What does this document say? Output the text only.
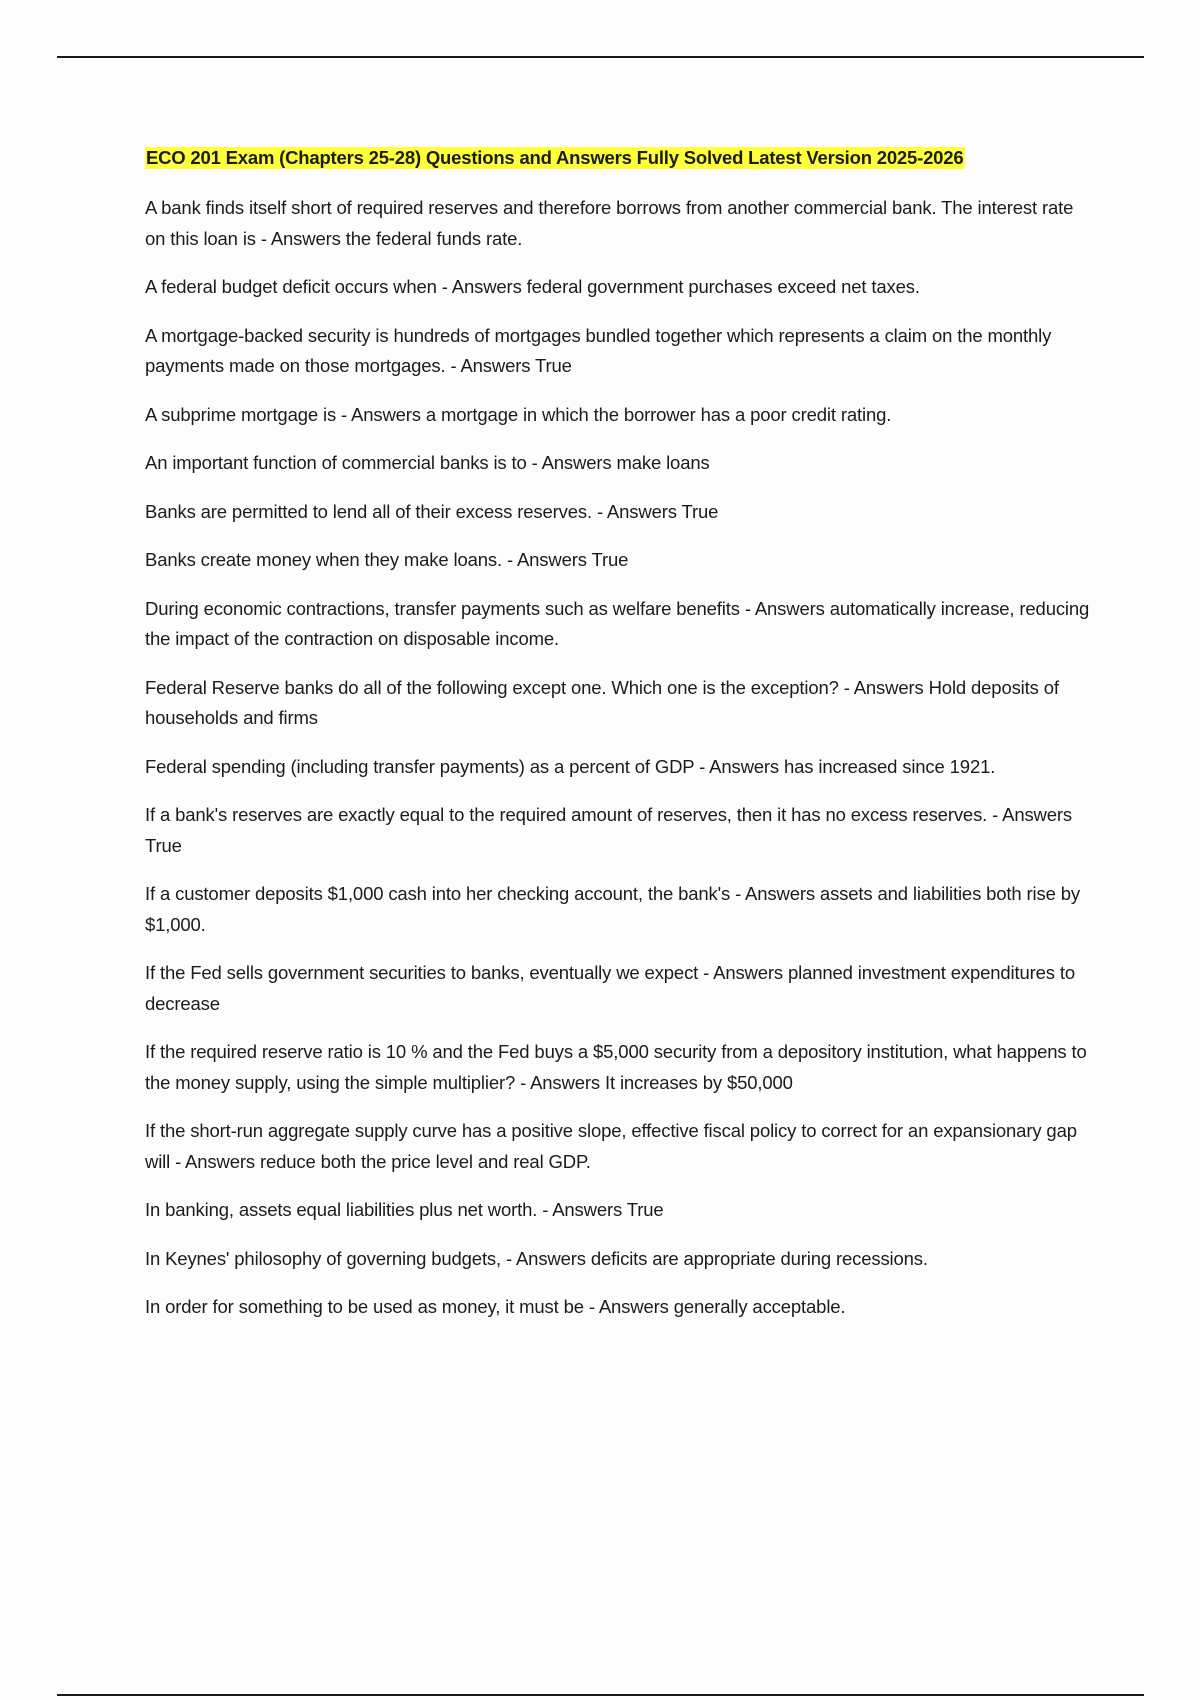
ECO 201 Exam (Chapters 25-28) Questions and Answers Fully Solved Latest Version 2025-2026

A bank finds itself short of required reserves and therefore borrows from another commercial bank. The interest rate on this loan is - Answers the federal funds rate.

A federal budget deficit occurs when - Answers federal government purchases exceed net taxes.

A mortgage-backed security is hundreds of mortgages bundled together which represents a claim on the monthly payments made on those mortgages. - Answers True

A subprime mortgage is - Answers a mortgage in which the borrower has a poor credit rating.

An important function of commercial banks is to - Answers make loans

Banks are permitted to lend all of their excess reserves. - Answers True

Banks create money when they make loans. - Answers True

During economic contractions, transfer payments such as welfare benefits - Answers automatically increase, reducing the impact of the contraction on disposable income.

Federal Reserve banks do all of the following except one. Which one is the exception? - Answers Hold deposits of households and firms

Federal spending (including transfer payments) as a percent of GDP - Answers has increased since 1921.

If a bank's reserves are exactly equal to the required amount of reserves, then it has no excess reserves. - Answers True

If a customer deposits $1,000 cash into her checking account, the bank's - Answers assets and liabilities both rise by $1,000.

If the Fed sells government securities to banks, eventually we expect - Answers planned investment expenditures to decrease

If the required reserve ratio is 10 % and the Fed buys a $5,000 security from a depository institution, what happens to the money supply, using the simple multiplier? - Answers It increases by $50,000

If the short-run aggregate supply curve has a positive slope, effective fiscal policy to correct for an expansionary gap will - Answers reduce both the price level and real GDP.

In banking, assets equal liabilities plus net worth. - Answers True

In Keynes' philosophy of governing budgets, - Answers deficits are appropriate during recessions.

In order for something to be used as money, it must be - Answers generally acceptable.
